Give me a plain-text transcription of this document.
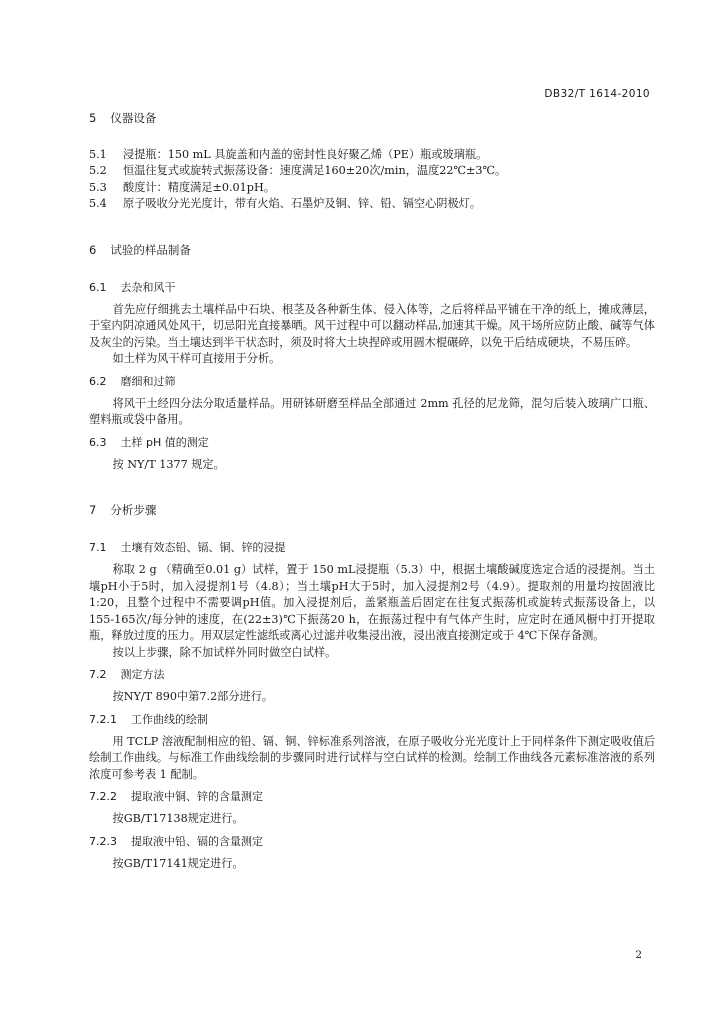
DB32/T 1614-2010
5 仪器设备
5.1 浸提瓶：150 mL 具旋盖和内盖的密封性良好聚乙烯（PE）瓶或玻璃瓶。
5.2 恒温往复式或旋转式振荡设备：速度满足160±20次/min，温度22℃±3℃。
5.3 酸度计：精度满足±0.01pH。
5.4 原子吸收分光光度计，带有火焰、石墨炉及铜、锌、铅、镉空心阴极灯。
6 试验的样品制备
6.1 去杂和风干

首先应仔细挑去土壤样品中石块、根茎及各种新生体、侵入体等，之后将样品平铺在干净的纸上，摊成薄层，于室内阴凉通风处风干，切忌阳光直接暴晒。风干过程中可以翻动样品,加速其干燥。风干场所应防止酸、碱等气体及灰尘的污染。当土壤达到半干状态时，须及时将大土块捏碎或用圆木棍碾碎，以免干后结成硬块，不易压碎。

如土样为风干样可直接用于分析。

6.2 磨细和过筛

将风干土经四分法分取适量样品。用研钵研磨至样品全部通过 2mm 孔径的尼龙筛，混匀后装入玻璃广口瓶、塑料瓶或袋中备用。

6.3 土样 pH 值的测定

按 NY/T 1377 规定。

7 分析步骤
7.1 土壤有效态铅、镉、铜、锌的浸提

称取 2 g （精确至0.01 g）试样，置于 150 mL浸提瓶（5.3）中，根据土壤酸碱度选定合适的浸提剂。当土壤pH小于5时，加入浸提剂1号（4.8）；当土壤pH大于5时，加入浸提剂2号（4.9）。提取剂的用量均按固液比1:20，且整个过程中不需要调pH值。加入浸提剂后，盖紧瓶盖后固定在往复式振荡机或旋转式振荡设备上，以155-165次/每分钟的速度，在(22±3)℃下振荡20 h，在振荡过程中有气体产生时，应定时在通风橱中打开提取瓶，释放过度的压力。用双层定性滤纸或离心过滤并收集浸出液，浸出液直接测定或于 4℃下保存备测。

按以上步骤，除不加试样外同时做空白试样。

7.2 测定方法

按NY/T 890中第7.2部分进行。

7.2.1 工作曲线的绘制

用 TCLP 溶液配制相应的铅、镉、铜、锌标准系列溶液，在原子吸收分光光度计上于同样条件下测定吸收值后绘制工作曲线。与标准工作曲线绘制的步骤同时进行试样与空白试样的检测。绘制工作曲线各元素标准溶液的系列浓度可参考表 1 配制。

7.2.2 提取液中铜、锌的含量测定

按GB/T17138规定进行。

7.2.3 提取液中铅、镉的含量测定

按GB/T17141规定进行。

2
